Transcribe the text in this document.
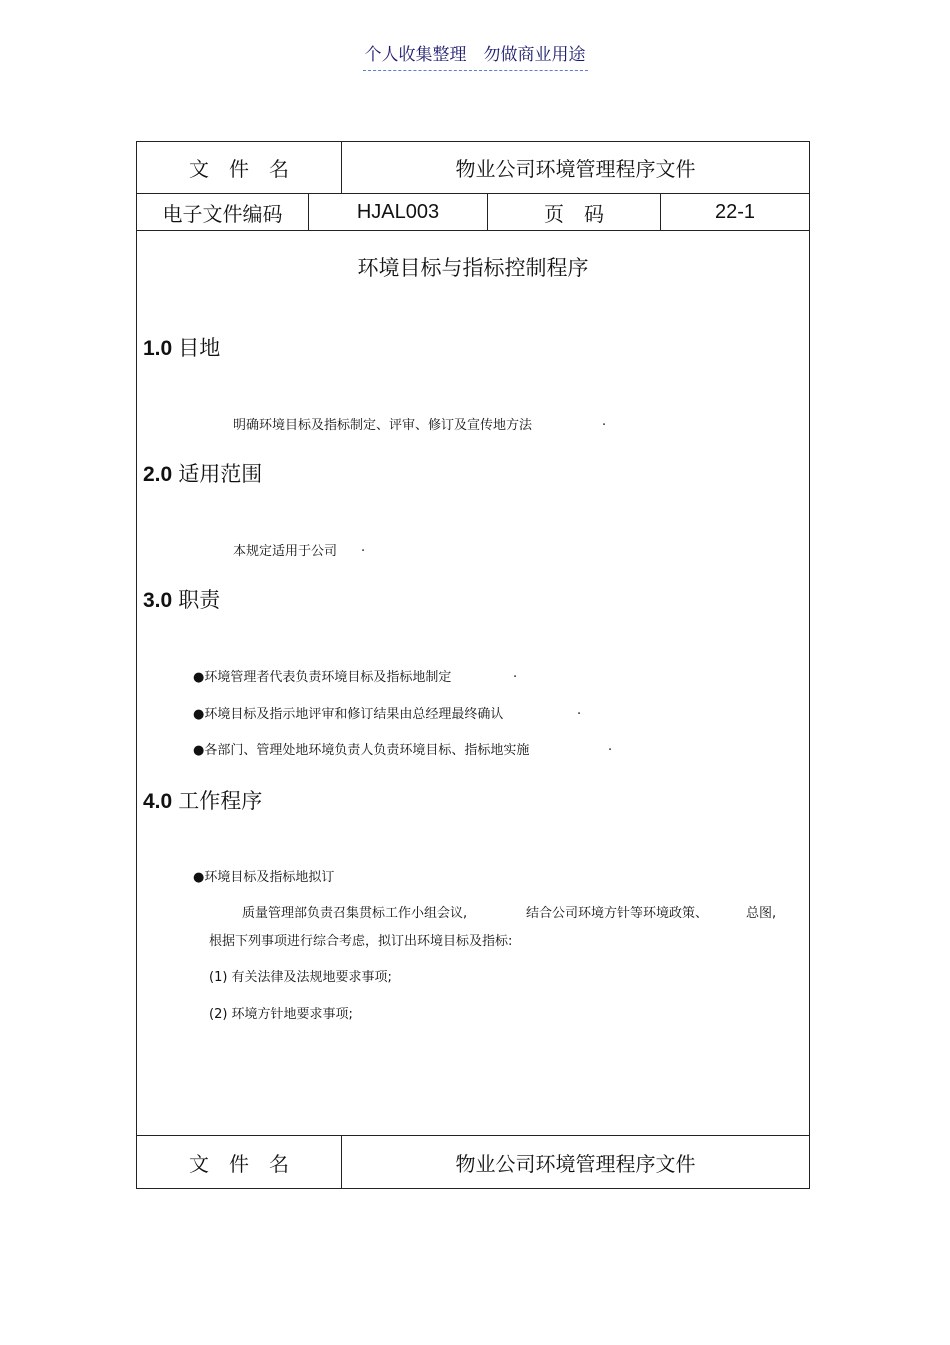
个人收集整理　勿做商业用途
文　件　名	物业公司环境管理程序文件
电子文件编码	HJAL003	页　码	22-1
环境目标与指标控制程序
1.0 目地
明确环境目标及指标制定、评审、修订及宣传地方法	.
2.0 适用范围
本规定适用于公司 .
3.0 职责
●环境管理者代表负责环境目标及指标地制定	.
●环境目标及指示地评审和修订结果由总经理最终确认	.
●各部门、管理处地环境负责人负责环境目标、指标地实施	.
4.0 工作程序
●环境目标及指标地拟订
质量管理部负责召集贯标工作小组会议,	结合公司环境方针等环境政策、	总图,
根据下列事项进行综合考虑，拟订出环境目标及指标:
(1) 有关法律及法规地要求事项;
(2) 环境方针地要求事项;
文　件　名	物业公司环境管理程序文件
